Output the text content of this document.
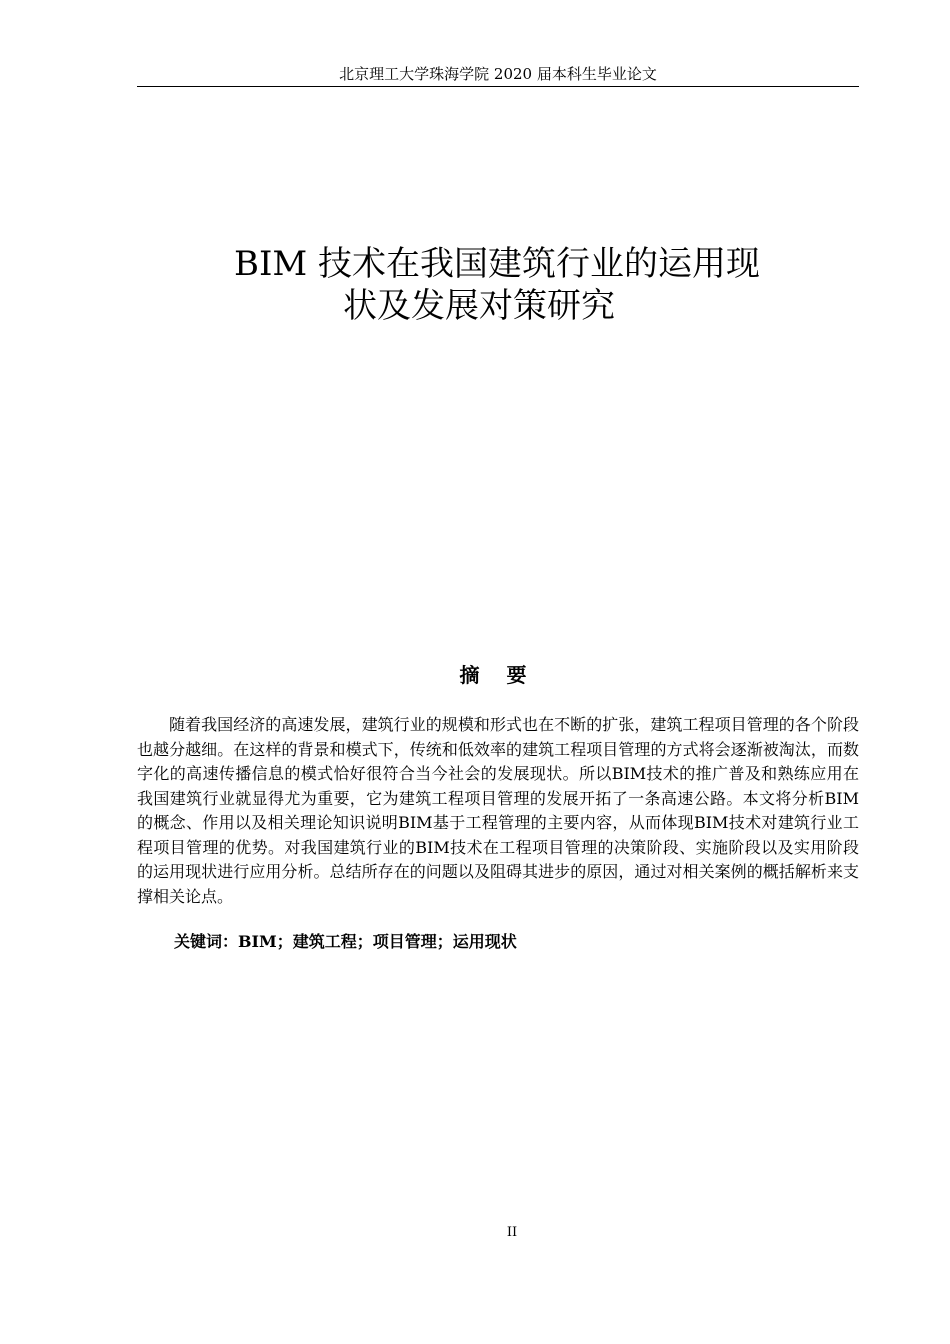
北京理工大学珠海学院 2020 届本科生毕业论文
BIM 技术在我国建筑行业的运用现
状及发展对策研究
摘 要

随着我国经济的高速发展，建筑行业的规模和形式也在不断的扩张，建筑工程项目管理的各个阶段也越分越细。在这样的背景和模式下，传统和低效率的建筑工程项目管理的方式将会逐渐被淘汰，而数字化的高速传播信息的模式恰好很符合当今社会的发展现状。所以BIM技术的推广普及和熟练应用在我国建筑行业就显得尤为重要，它为建筑工程项目管理的发展开拓了一条高速公路。本文将分析BIM的概念、作用以及相关理论知识说明BIM基于工程管理的主要内容，从而体现BIM技术对建筑行业工程项目管理的优势。对我国建筑行业的BIM技术在工程项目管理的决策阶段、实施阶段以及实用阶段的运用现状进行应用分析。总结所存在的问题以及阻碍其进步的原因，通过对相关案例的概括解析来支撑相关论点。

关键词：BIM；建筑工程；项目管理；运用现状

II
